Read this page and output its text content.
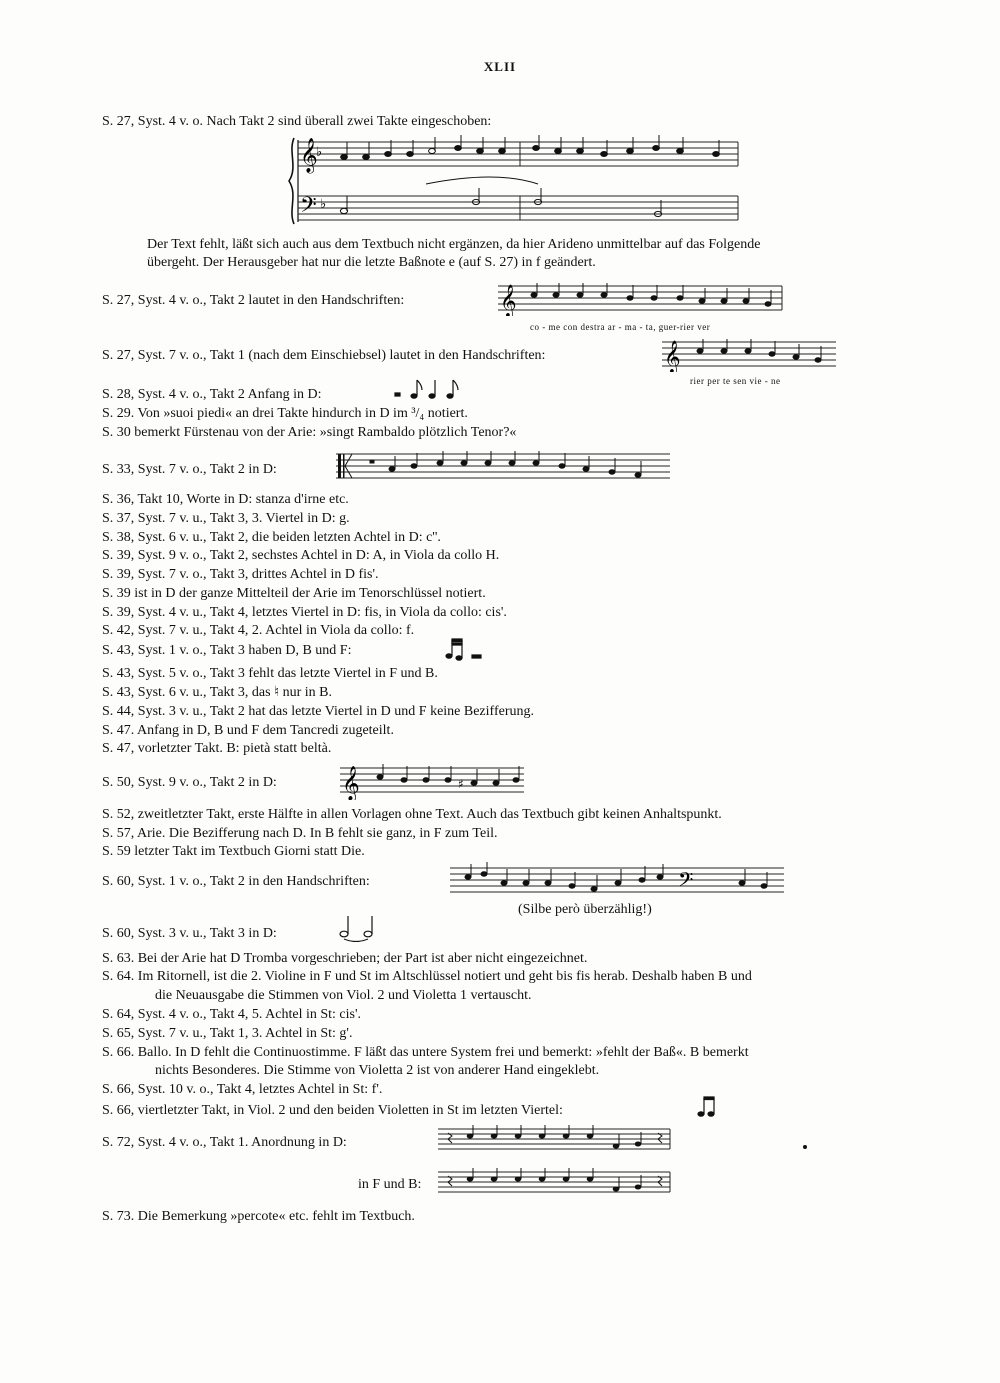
XLII
S. 27, Syst. 4 v. o. Nach Takt 2 sind überall zwei Takte eingeschoben:
𝄞
♭
𝄢 ♭
Der Text fehlt, läßt sich auch aus dem Textbuch nicht ergänzen, da hier Arideno unmittelbar auf das Folgende
übergeht. Der Herausgeber hat nur die letzte Baßnote e (auf S. 27) in f geändert.
S. 27, Syst. 4 v. o., Takt 2 lautet in den Handschriften:	𝄞
co - me con destra ar - ma - ta, guer-rier ver
S. 27, Syst. 7 v. o., Takt 1 (nach dem Einschiebsel) lautet in den Handschriften:	𝄞
rier per te sen vie - ne
S. 28, Syst. 4 v. o., Takt 2 Anfang in D:
S. 29. Von »suoi piedi« an drei Takte hindurch in D im ³/₄ notiert.
S. 30 bemerkt Fürstenau von der Arie: »singt Rambaldo plötzlich Tenor?«
S. 33, Syst. 7 v. o., Takt 2 in D:
S. 36, Takt 10, Worte in D: stanza d'irne etc.
S. 37, Syst. 7 v. u., Takt 3, 3. Viertel in D: g.
S. 38, Syst. 6 v. u., Takt 2, die beiden letzten Achtel in D: c''.
S. 39, Syst. 9 v. o., Takt 2, sechstes Achtel in D: A, in Viola da collo H.
S. 39, Syst. 7 v. o., Takt 3, drittes Achtel in D fis'.
S. 39 ist in D der ganze Mittelteil der Arie im Tenorschlüssel notiert.
S. 39, Syst. 4 v. u., Takt 4, letztes Viertel in D: fis, in Viola da collo: cis'.
S. 42, Syst. 7 v. u., Takt 4, 2. Achtel in Viola da collo: f.
S. 43, Syst. 1 v. o., Takt 3 haben D, B und F:
S. 43, Syst. 5 v. o., Takt 3 fehlt das letzte Viertel in F und B.
S. 43, Syst. 6 v. u., Takt 3, das ♮ nur in B.
S. 44, Syst. 3 v. u., Takt 2 hat das letzte Viertel in D und F keine Bezifferung.
S. 47. Anfang in D, B und F dem Tancredi zugeteilt.
S. 47, vorletzter Takt. B: pietà statt beltà.
S. 50, Syst. 9 v. o., Takt 2 in D: 𝄞	♯
S. 52, zweitletzter Takt, erste Hälfte in allen Vorlagen ohne Text. Auch das Textbuch gibt keinen Anhaltspunkt.
S. 57, Arie. Die Bezifferung nach D. In B fehlt sie ganz, in F zum Teil.
S. 59 letzter Takt im Textbuch Giorni statt Die.
S. 60, Syst. 1 v. o., Takt 2 in den Handschriften:	𝄢
(Silbe però überzählig!)
S. 60, Syst. 3 v. u., Takt 3 in D:
S. 63. Bei der Arie hat D Tromba vorgeschrieben; der Part ist aber nicht eingezeichnet.
S. 64. Im Ritornell, ist die 2. Violine in F und St im Altschlüssel notiert und geht bis fis herab. Deshalb haben B und
die Neuausgabe die Stimmen von Viol. 2 und Violetta 1 vertauscht.
S. 64, Syst. 4 v. o., Takt 4, 5. Achtel in St: cis'.
S. 65, Syst. 7 v. u., Takt 1, 3. Achtel in St: g'.
S. 66. Ballo. In D fehlt die Continuostimme. F läßt das untere System frei und bemerkt: »fehlt der Baß«. B bemerkt
nichts Besonderes. Die Stimme von Violetta 2 ist von anderer Hand eingeklebt.
S. 66, Syst. 10 v. o., Takt 4, letztes Achtel in St: f'.
S. 66, viertletzter Takt, in Viol. 2 und den beiden Violetten in St im letzten Viertel:
S. 72, Syst. 4 v. o., Takt 1. Anordnung in D:
in F und B:
S. 73. Die Bemerkung »percote« etc. fehlt im Textbuch.
